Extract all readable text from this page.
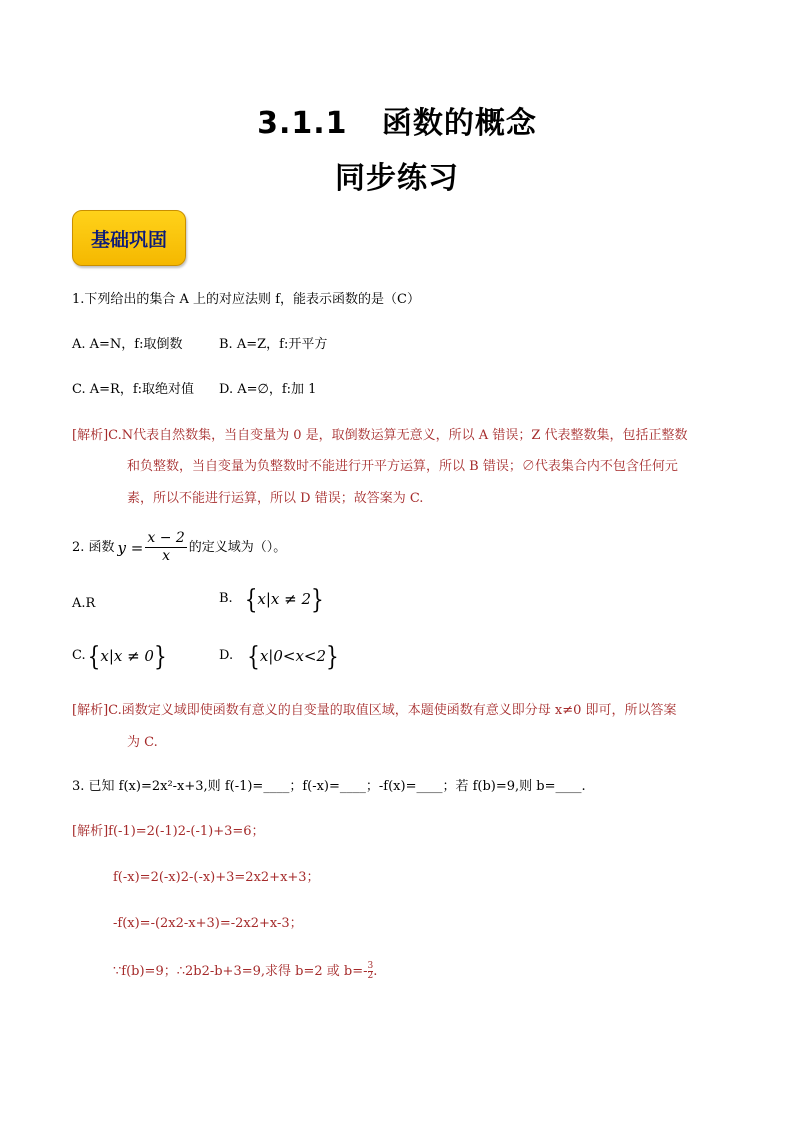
3.1.1 函数的概念
同步练习
基础巩固
1.下列给出的集合 A 上的对应法则 f，能表示函数的是（C）
A. A=N，f:取倒数	B. A=Z，f:开平方
C. A=R，f:取绝对值 D. A=∅，f:加 1
[解析]C.N代表自然数集，当自变量为 0 是，取倒数运算无意义，所以 A 错误；Z 代表整数集，包括正整数
和负整数，当自变量为负整数时不能进行开平方运算，所以 B 错误；∅代表集合内不包含任何元
素，所以不能进行运算，所以 D 错误；故答案为 C.
2. 函数 $y = \frac{x - 2}{x}$ 的定义域为（）。
A.R	B. { x|x ≠ 2 }
C. { x|x ≠ 0 }	D. { x|0<x<2 }
[解析]C.函数定义域即使函数有意义的自变量的取值区域，本题使函数有意义即分母 x≠0 即可，所以答案
为 C.
3. 已知 f(x)=2x²-x+3,则 f(-1)=____；f(-x)=____；-f(x)=____；若 f(b)=9,则 b=____.
[解析]f(-1)=2(-1)2-(-1)+3=6；
f(-x)=2(-x)2-(-x)+3=2x2+x+3；
-f(x)=-(2x2-x+3)=-2x2+x-3；
∵f(b)=9；∴2b2-b+3=9,求得 b=2 或 $b=- \frac{3}{2}$ .
